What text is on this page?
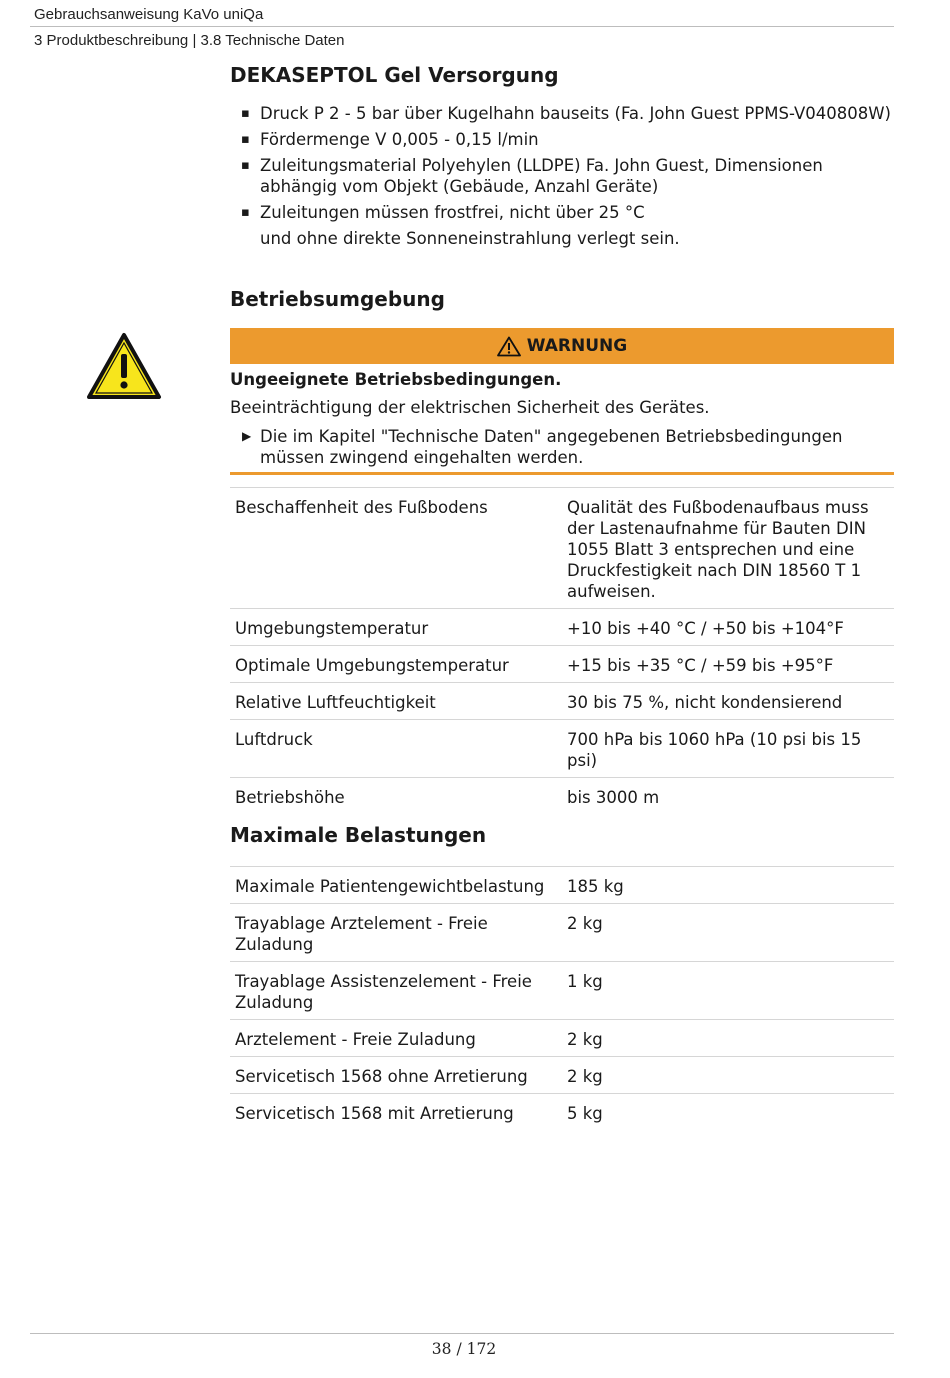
Gebrauchsanweisung KaVo uniQa
3 Produktbeschreibung | 3.8 Technische Daten
DEKASEPTOL Gel Versorgung
▪ Druck P 2 - 5 bar über Kugelhahn bauseits (Fa. John Guest PPMS-V040808W)
▪ Fördermenge V 0,005 - 0,15 l/min
▪ Zuleitungsmaterial Polyehylen (LLDPE) Fa. John Guest, Dimensionen abhängig vom Objekt (Gebäude, Anzahl Geräte)
▪ Zuleitungen müssen frostfrei, nicht über 25 °C
und ohne direkte Sonneneinstrahlung verlegt sein.
Betriebsumgebung
WARNUNG
Ungeeignete Betriebsbedingungen.
Beeinträchtigung der elektrischen Sicherheit des Gerätes.
▶ Die im Kapitel "Technische Daten" angegebenen Betriebsbedingungen müssen zwingend eingehalten werden.
Beschaffenheit des Fußbodens	Qualität des Fußbodenaufbaus muss der Lastenaufnahme für Bauten DIN 1055 Blatt 3 entsprechen und eine Druckfestigkeit nach DIN 18560 T 1 aufweisen.
Umgebungstemperatur	+10 bis +40 °C / +50 bis +104°F
Optimale Umgebungstemperatur	+15 bis +35 °C / +59 bis +95°F
Relative Luftfeuchtigkeit	30 bis 75 %, nicht kondensierend
Luftdruck	700 hPa bis 1060 hPa (10 psi bis 15 psi)
Betriebshöhe	bis 3000 m
Maximale Belastungen
Maximale Patientengewichtbelastung	185 kg
Trayablage Arztelement - Freie Zuladung	2 kg
Trayablage Assistenzelement - Freie Zuladung	1 kg
Arztelement - Freie Zuladung	2 kg
Servicetisch 1568 ohne Arretierung	2 kg
Servicetisch 1568 mit Arretierung	5 kg
38 / 172
